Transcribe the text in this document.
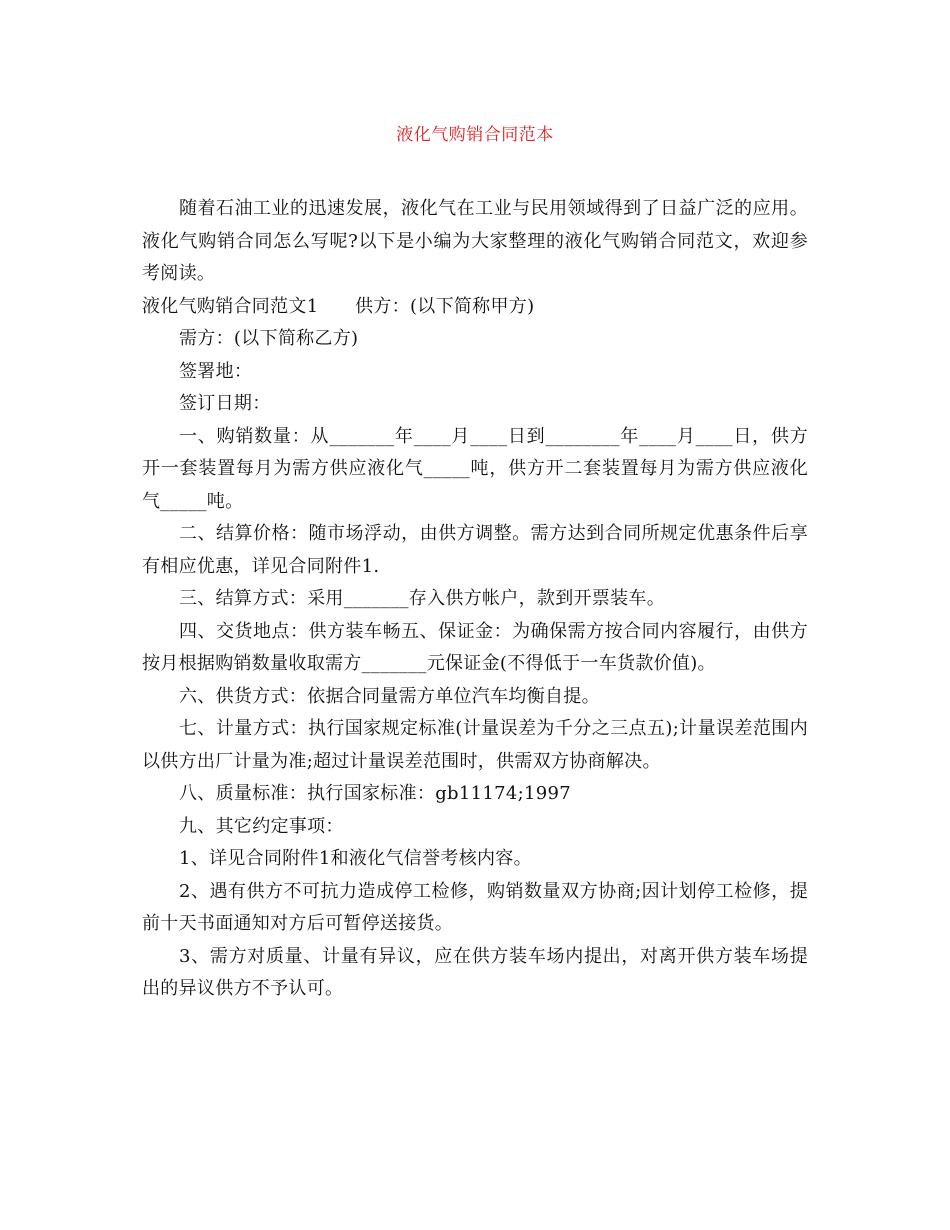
液化气购销合同范本

随着石油工业的迅速发展，液化气在工业与民用领域得到了日益广泛的应用。液化气购销合同怎么写呢?以下是小编为大家整理的液化气购销合同范文，欢迎参考阅读。

液化气购销合同范文1　　供方：(以下简称甲方)

需方：(以下简称乙方)

签署地：

签订日期：

一、购销数量：从_______年____月____日到________年____月____日，供方开一套装置每月为需方供应液化气_____吨，供方开二套装置每月为需方供应液化气_____吨。

二、结算价格：随市场浮动，由供方调整。需方达到合同所规定优惠条件后享有相应优惠，详见合同附件1.

三、结算方式：采用_______存入供方帐户，款到开票装车。

四、交货地点：供方装车畅五、保证金：为确保需方按合同内容履行，由供方按月根据购销数量收取需方_______元保证金(不得低于一车货款价值)。

六、供货方式：依据合同量需方单位汽车均衡自提。

七、计量方式：执行国家规定标准(计量误差为千分之三点五);计量误差范围内以供方出厂计量为准;超过计量误差范围时，供需双方协商解决。

八、质量标准：执行国家标准：gb11174;1997

九、其它约定事项：

1、详见合同附件1和液化气信誉考核内容。

2、遇有供方不可抗力造成停工检修，购销数量双方协商;因计划停工检修，提前十天书面通知对方后可暂停送接货。

3、需方对质量、计量有异议，应在供方装车场内提出，对离开供方装车场提出的异议供方不予认可。
